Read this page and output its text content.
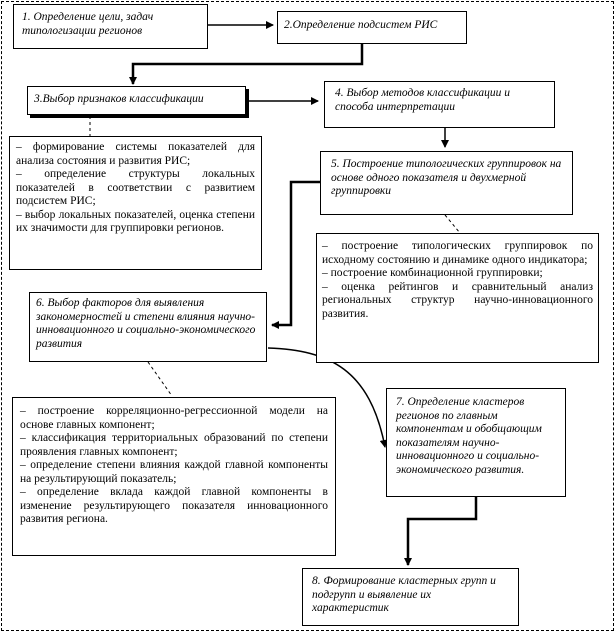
1. Определение цели, задач типологизации регионов	2.Определение подсистем РИС
3.Выбор признаков классификации	4. Выбор методов классификации и способа интерпретации
– формирование системы показателей для анализа состояния и развития РИС;
– определение структуры локальных показателей в соответствии с развитием подсистем РИС;
– выбор локальных показателей, оценка степени их значимости для группировки регионов.
5. Построение типологических группировок на основе одного показателя и двухмерной группировки
– построение типологических группировок по исходному состоянию и динамике одного индикатора;
– построение комбинационной группировки;
– оценка рейтингов и сравнительный анализ региональных структур научно-инновационного развития.
6. Выбор факторов для выявления закономерностей и степени влияния научно-инновационного и социально-экономического развития
7. Определение кластеров регионов по главным компонентам и обобщающим показателям научно-инновационного и социально-экономического развития.
– построение корреляционно-регрессионной модели на основе главных компонент;
– классификация территориальных образований по степени проявления главных компонент;
– определение степени влияния каждой главной компоненты на результирующий показатель;
– определение вклада каждой главной компоненты в изменение результирующего показателя инновационного развития региона.
8. Формирование кластерных групп и подгрупп и выявление их характеристик
